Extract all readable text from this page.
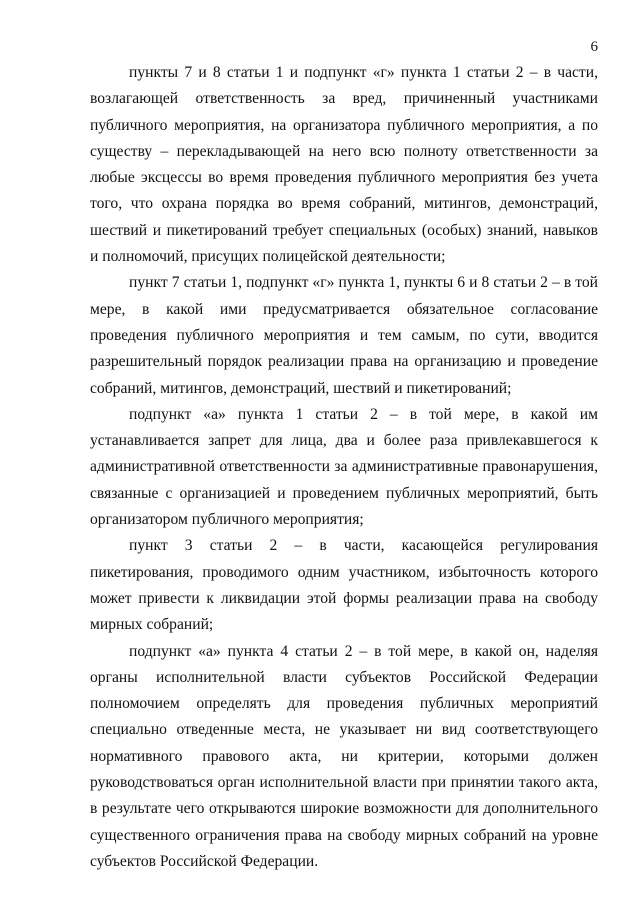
6

пункты 7 и 8 статьи 1 и подпункт «г» пункта 1 статьи 2 – в части, возлагающей ответственность за вред, причиненный участниками публичного мероприятия, на организатора публичного мероприятия, а по существу – перекладывающей на него всю полноту ответственности за любые эксцессы во время проведения публичного мероприятия без учета того, что охрана порядка во время собраний, митингов, демонстраций, шествий и пикетирований требует специальных (особых) знаний, навыков и полномочий, присущих полицейской деятельности;

пункт 7 статьи 1, подпункт «г» пункта 1, пункты 6 и 8 статьи 2 – в той мере, в какой ими предусматривается обязательное согласование проведения публичного мероприятия и тем самым, по сути, вводится разрешительный порядок реализации права на организацию и проведение собраний, митингов, демонстраций, шествий и пикетирований;

подпункт «а» пункта 1 статьи 2 – в той мере, в какой им устанавливается запрет для лица, два и более раза привлекавшегося к административной ответственности за административные правонарушения, связанные с организацией и проведением публичных мероприятий, быть организатором публичного мероприятия;

пункт 3 статьи 2 – в части, касающейся регулирования пикетирования, проводимого одним участником, избыточность которого может привести к ликвидации этой формы реализации права на свободу мирных собраний;

подпункт «а» пункта 4 статьи 2 – в той мере, в какой он, наделяя органы исполнительной власти субъектов Российской Федерации полномочием определять для проведения публичных мероприятий специально отведенные места, не указывает ни вид соответствующего нормативного правового акта, ни критерии, которыми должен руководствоваться орган исполнительной власти при принятии такого акта, в результате чего открываются широкие возможности для дополнительного существенного ограничения права на свободу мирных собраний на уровне субъектов Российской Федерации.
